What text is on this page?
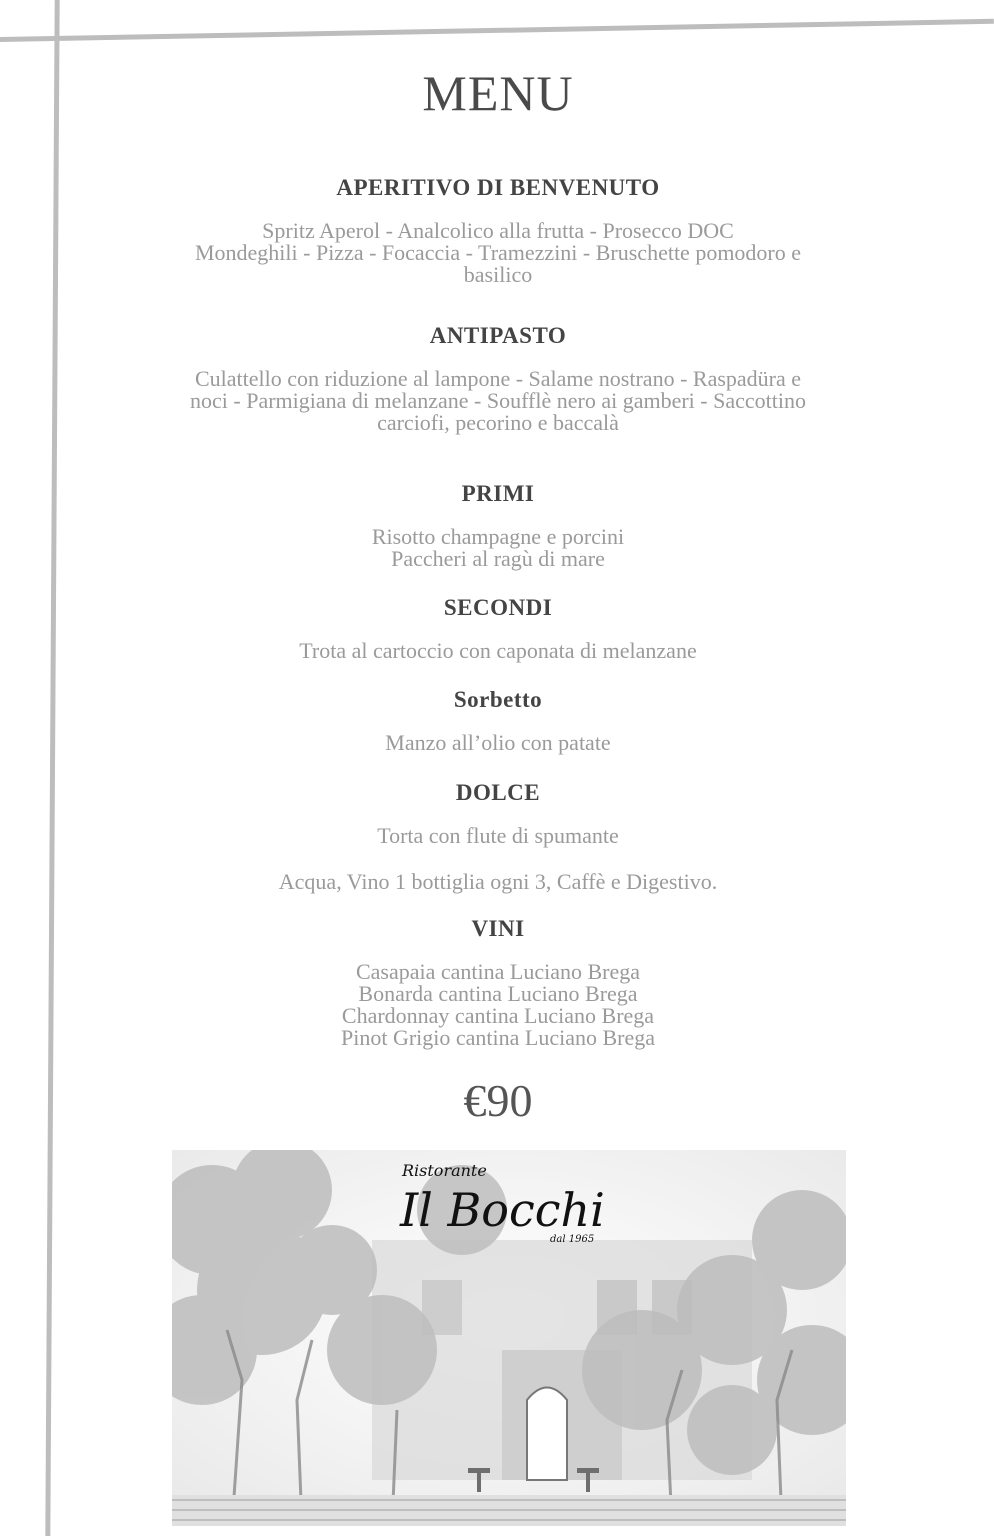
MENU
APERITIVO DI BENVENUTO

Spritz Aperol - Analcolico alla frutta - Prosecco DOC

Mondeghili - Pizza - Focaccia - Tramezzini - Bruschette pomodoro e

basilico

ANTIPASTO

Culattello con riduzione al lampone - Salame nostrano - Raspadüra e

noci - Parmigiana di melanzane - Soufflè nero ai gamberi - Saccottino

carciofi, pecorino e baccalà

PRIMI

Risotto champagne e porcini

Paccheri al ragù di mare

SECONDI

Trota al cartoccio con caponata di melanzane

Sorbetto

Manzo all’olio con patate

DOLCE

Torta con flute di spumante

Acqua, Vino 1 bottiglia ogni 3, Caffè e Digestivo.

VINI

Casapaia cantina Luciano Brega

Bonarda cantina Luciano Brega

Chardonnay cantina Luciano Brega

Pinot Grigio cantina Luciano Brega

€90
Ristorante
Il Bocchi
dal 1965
